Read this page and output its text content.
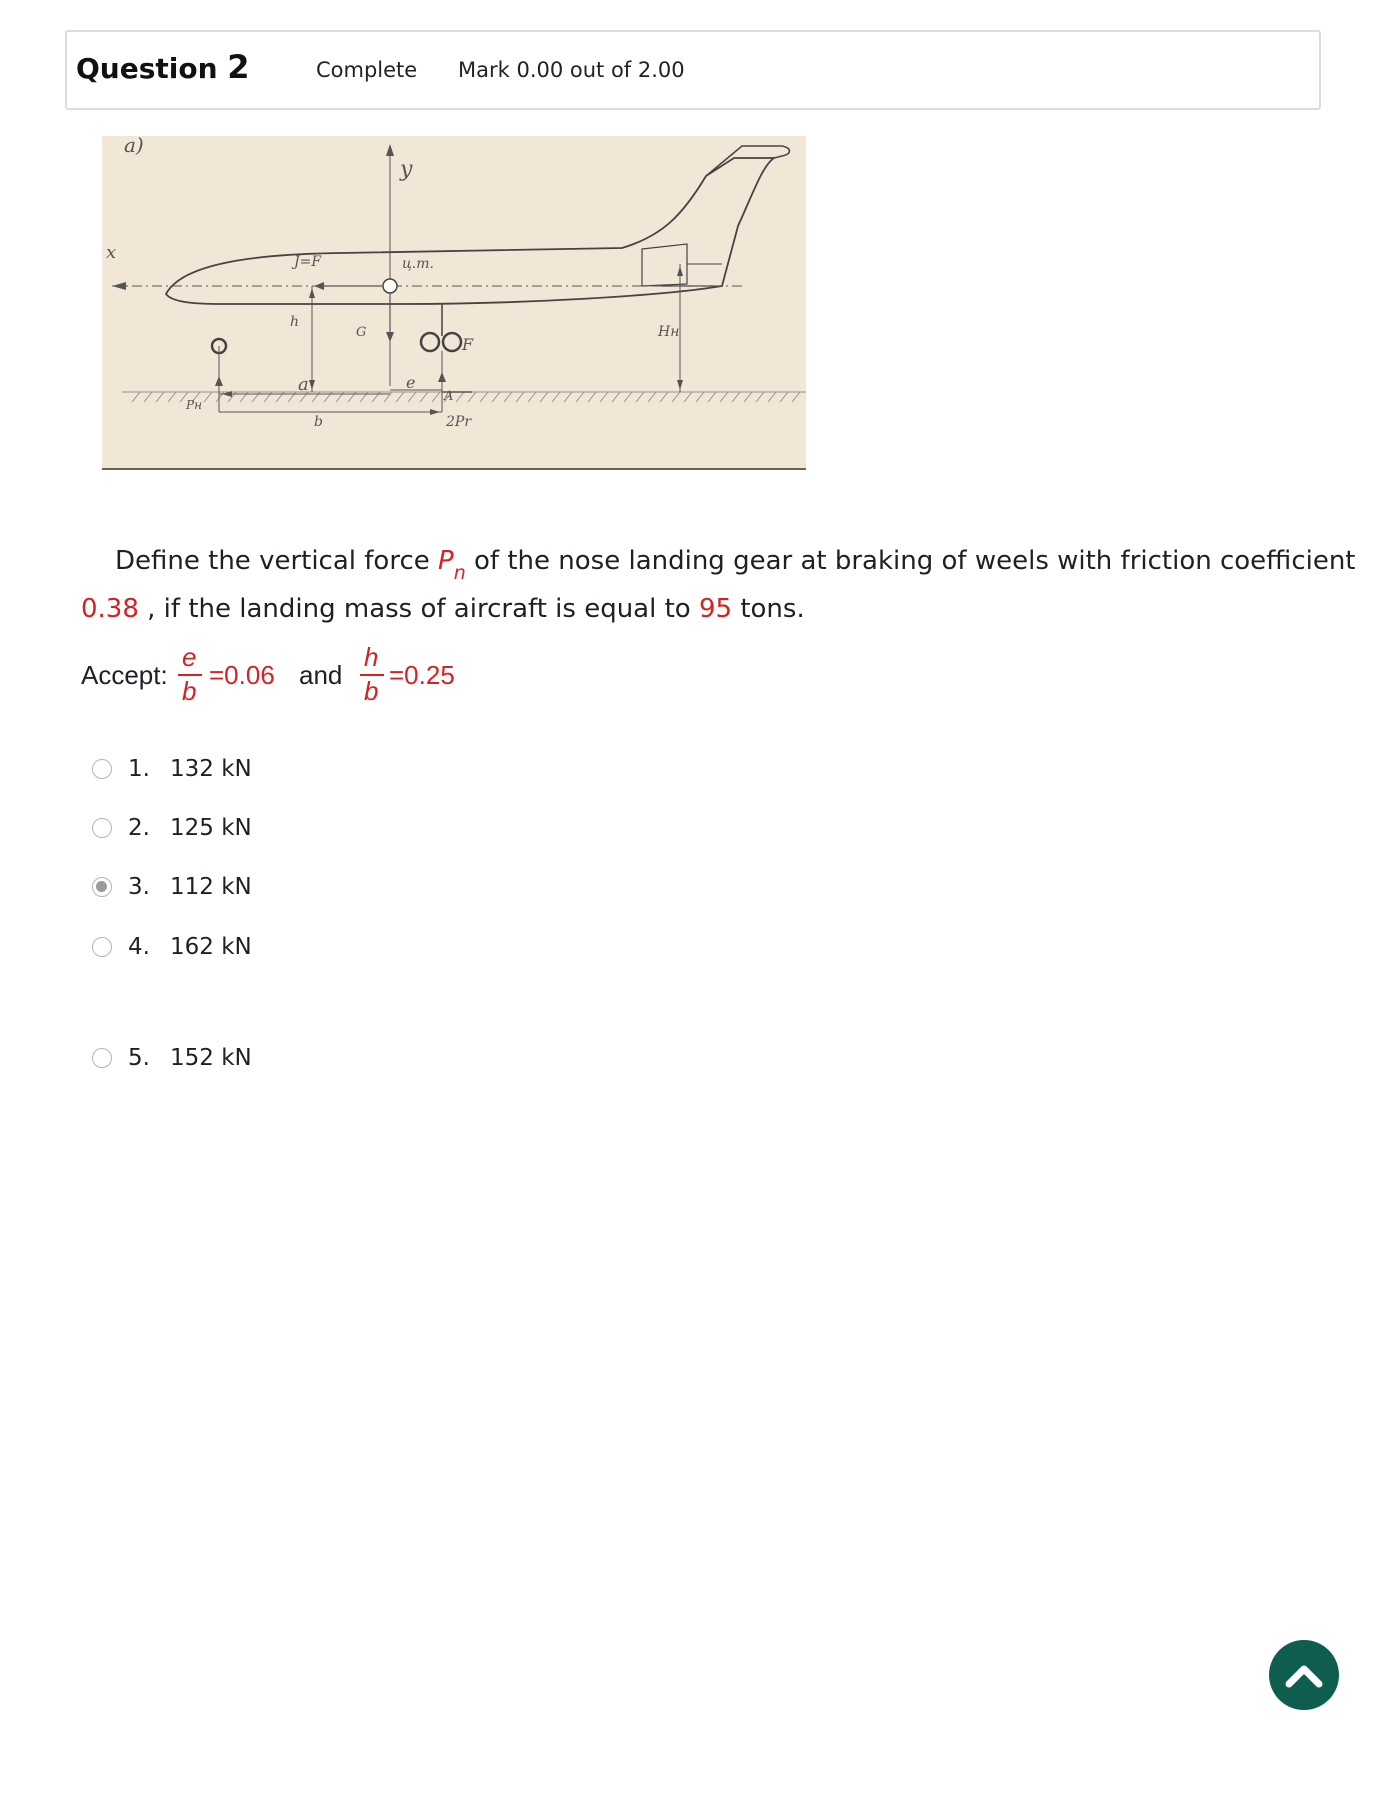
Question 2	Complete Mark 0.00 out of 2.00
a)
x
y
J=F	ц.т.
h
G
F
Hн
a	e
Pн
b
A
2Pr
Define the vertical force $P_n$ of the nose landing gear at braking of weels with friction coefficient
0.38 , if the landing mass of aircraft is equal to 95 tons.
Accept:
e
b
=0.06 and
h
b
=0.25
1. 132 kN
2. 125 kN
3. 112 kN
4. 162 kN
5. 152 kN
